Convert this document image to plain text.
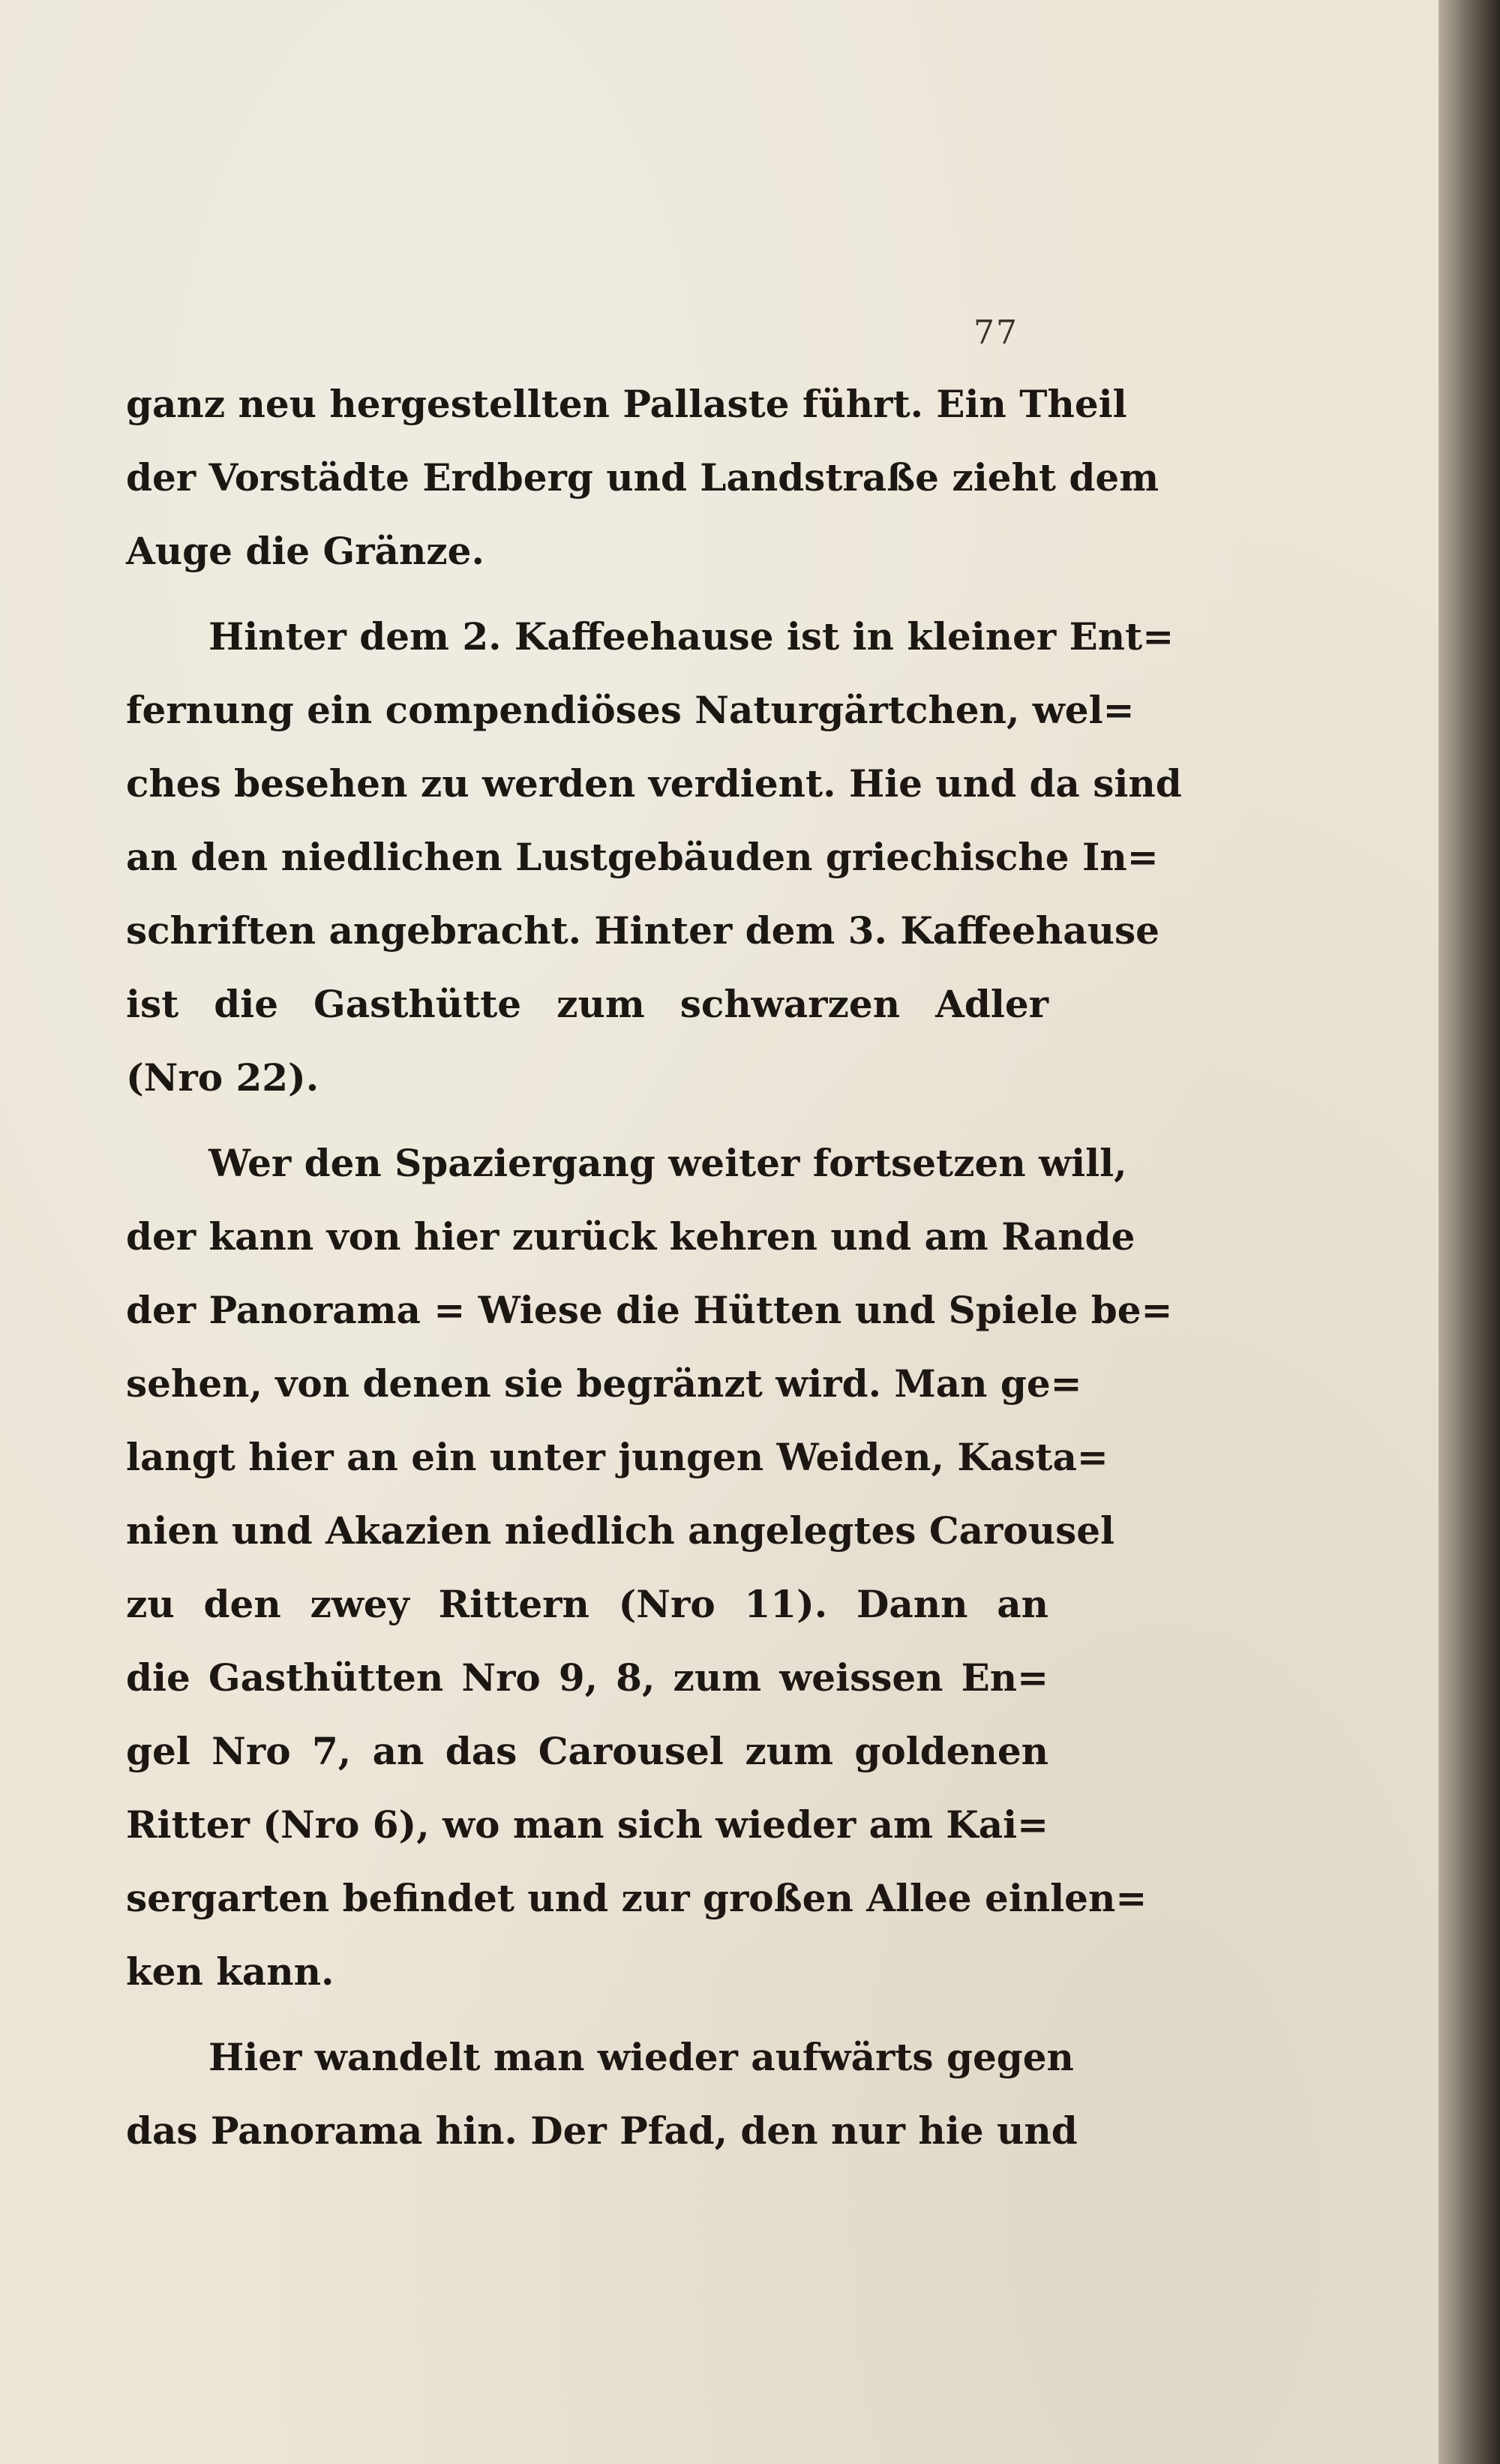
77
ganz neu hergestellten Pallaste führt. Ein Theil
der Vorstädte Erdberg und Landstraße zieht dem
Auge die Gränze.
Hinter dem 2. Kaffeehause ist in kleiner Ent=
fernung ein compendiöses Naturgärtchen, wel=
ches besehen zu werden verdient. Hie und da sind
an den niedlichen Lustgebäuden griechische In=
schriften angebracht. Hinter dem 3. Kaffeehause
ist die Gasthütte zum schwarzen Adler
(Nro 22).
Wer den Spaziergang weiter fortsetzen will,
der kann von hier zurück kehren und am Rande
der Panorama = Wiese die Hütten und Spiele be=
sehen, von denen sie begränzt wird. Man ge=
langt hier an ein unter jungen Weiden, Kasta=
nien und Akazien niedlich angelegtes Carousel
zu den zwey Rittern (Nro 11). Dann an
die Gasthütten Nro 9, 8, zum weissen En=
gel Nro 7, an das Carousel zum goldenen
Ritter (Nro 6), wo man sich wieder am Kai=
sergarten befindet und zur großen Allee einlen=
ken kann.
Hier wandelt man wieder aufwärts gegen
das Panorama hin. Der Pfad, den nur hie und
